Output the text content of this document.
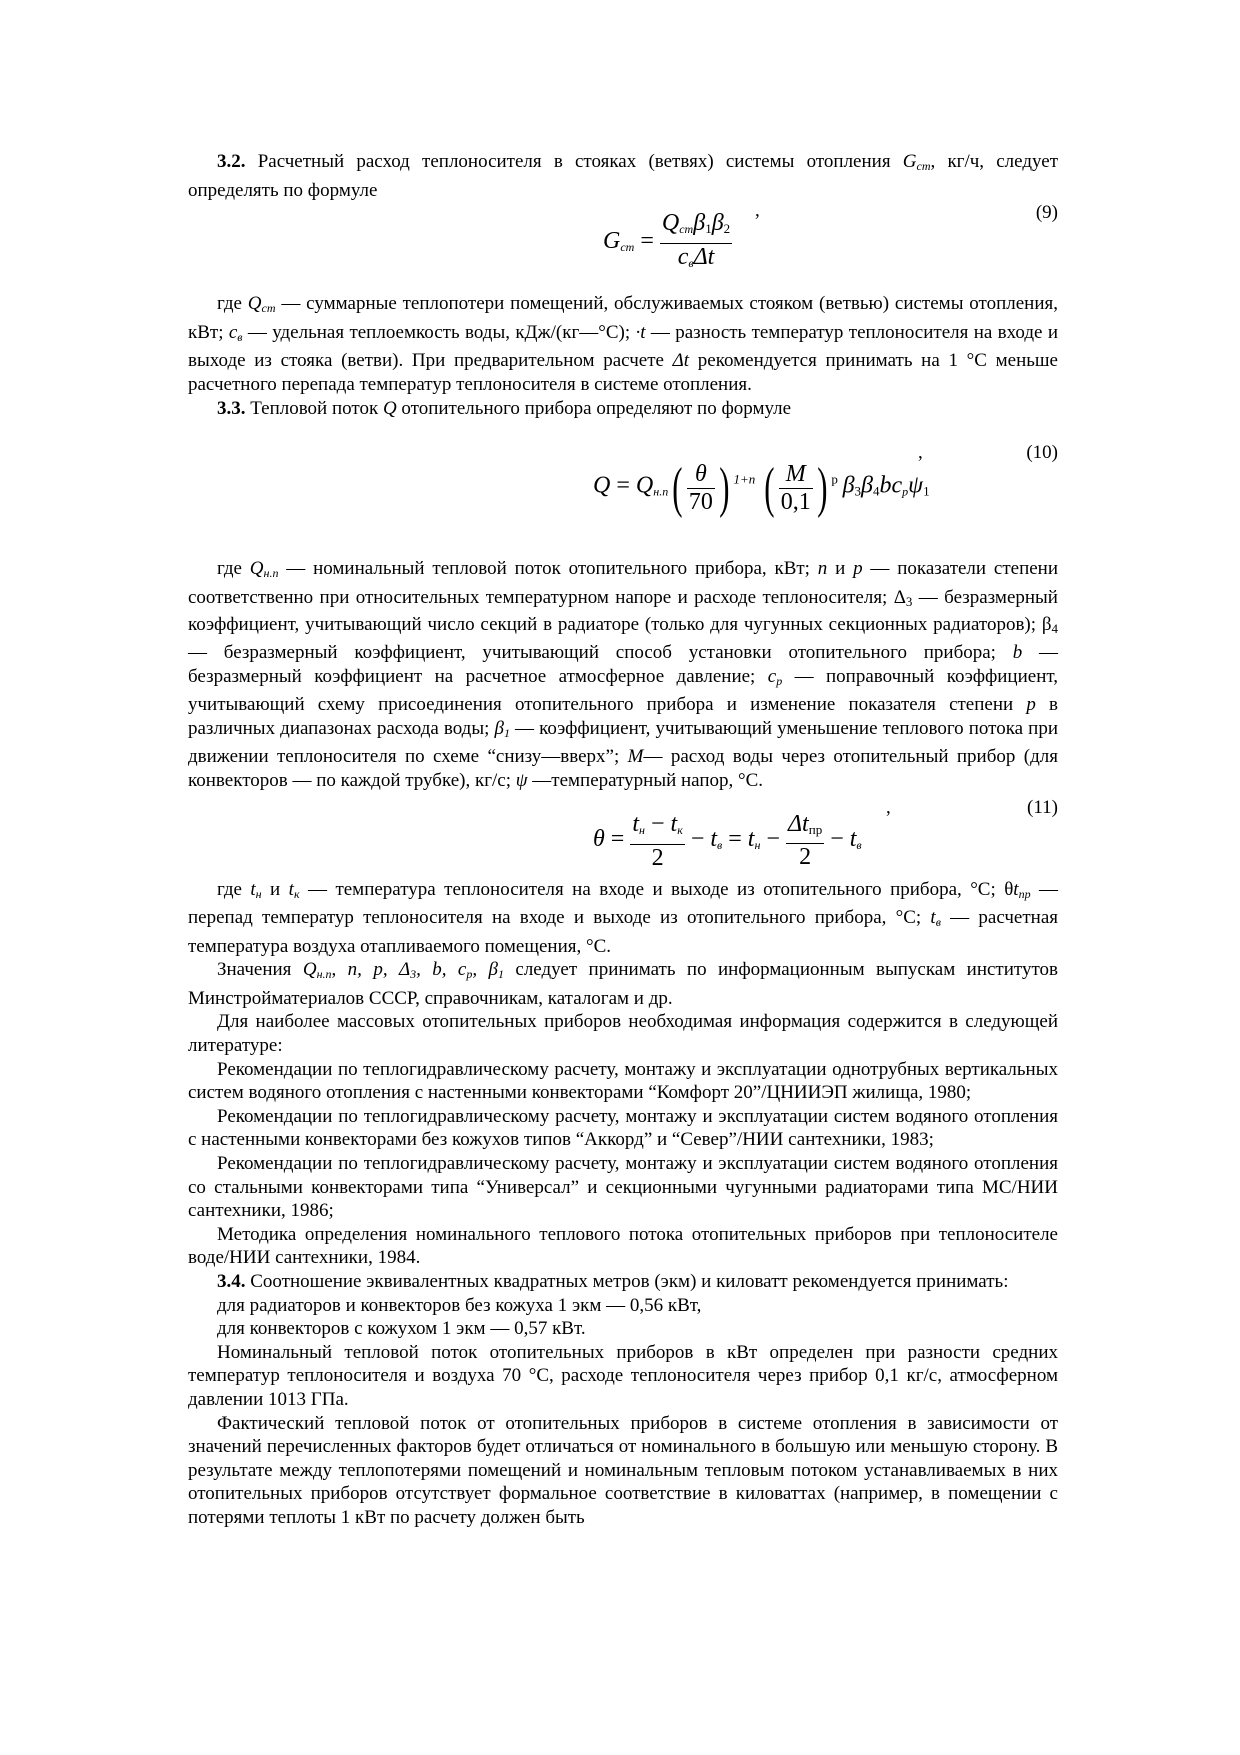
3.2. Расчетный расход теплоносителя в стояках (ветвях) системы отопления $G_{ст}$, кг/ч, следует определять по формуле

,	(9)
$G_{ст} = \frac{Q_{ст}\beta 1\beta 2}{c_в\Delta t}$

где $Q_{ст}$ — суммарные теплопотери помещений, обслуживаемых стояком (ветвью) системы отопления, кВт; $с_в$ — удельная теплоемкость воды, кДж/(кг—°С); ·t — разность температур теплоносителя на входе и выходе из стояка (ветви). При предварительном расчете Δt рекомендуется принимать на 1 °С меньше расчетного перепада температур теплоносителя в системе отопления.

3.3. Тепловой поток Q отопительного прибора определяют по формуле

,	(10)
$Q = Q_{н.п}( \frac{\theta}{70}$ ) $^{1+n}$ ( $\frac{M}{0,1}$ ) $^p$ $\beta 3\beta 4bc_p\psi 1$

где $Q_{н.п}$ — номинальный тепловой поток отопительного прибора, кВт; n и р — показатели степени соответственно при относительных температурном напоре и расходе теплоносителя; Δ3 — безразмерный коэффициент, учитывающий число секций в радиаторе (только для чугунных секционных радиаторов); β4 — безразмерный коэффициент, учитывающий способ установки отопительного прибора; b — безразмерный коэффициент на расчетное атмосферное давление; $с_р$ — поправочный коэффициент, учитывающий схему присоединения отопительного прибора и изменение показателя степени р в различных диапазонах расхода воды; $\beta_1$ — коэффициент, учитывающий уменьшение теплового потока при движении теплоносителя по схеме “снизу—вверх”; М— расход воды через отопительный прибор (для конвекторов — по каждой трубке), кг/с; ψ —температурный напор, °С.

,	(11)
$\theta = \frac{t_н - t_к}{2} - t_в = t_н - \frac{\text{Δtпр}}{2} - t_в$

где $t_н$ и $t_к$ — температура теплоносителя на входе и выходе из отопительного прибора, °С; $\theta t_{пр}$ — перепад температур теплоносителя на входе и выходе из отопительного прибора, °С; $t_в$ — расчетная температура воздуха отапливаемого помещения, °С.

Значения $Q_{н.п}$, n, р, $\Delta_3$, b, $с_р$, $\beta_1$ следует принимать по информационным выпускам институтов Минстройматериалов СССР, справочникам, каталогам и др.

Для наиболее массовых отопительных приборов необходимая информация содержится в следующей литературе:

Рекомендации по теплогидравлическому расчету, монтажу и эксплуатации однотрубных вертикальных систем водяного отопления с настенными конвекторами “Комфорт 20”/ЦНИИЭП жилища, 1980;

Рекомендации по теплогидравлическому расчету, монтажу и эксплуатации систем водяного отопления с настенными конвекторами без кожухов типов “Аккорд” и “Север”/НИИ сантехники, 1983;

Рекомендации по теплогидравлическому расчету, монтажу и эксплуатации систем водяного отопления со стальными конвекторами типа “Универсал” и секционными чугунными радиаторами типа МС/НИИ сантехники, 1986;

Методика определения номинального теплового потока отопительных приборов при теплоносителе воде/НИИ сантехники, 1984.

3.4. Соотношение эквивалентных квадратных метров (экм) и киловатт рекомендуется принимать:

для радиаторов и конвекторов без кожуха 1 экм — 0,56 кВт,

для конвекторов с кожухом 1 экм — 0,57 кВт.

Номинальный тепловой поток отопительных приборов в кВт определен при разности средних температур теплоносителя и воздуха 70 °С, расходе теплоносителя через прибор 0,1 кг/с, атмосферном давлении 1013 ГПа.

Фактический тепловой поток от отопительных приборов в системе отопления в зависимости от значений перечисленных факторов будет отличаться от номинального в большую или меньшую сторону. В результате между теплопотерями помещений и номинальным тепловым потоком устанавливаемых в них отопительных приборов отсутствует формальное соответствие в киловаттах (например, в помещении с потерями теплоты 1 кВт по расчету должен быть
